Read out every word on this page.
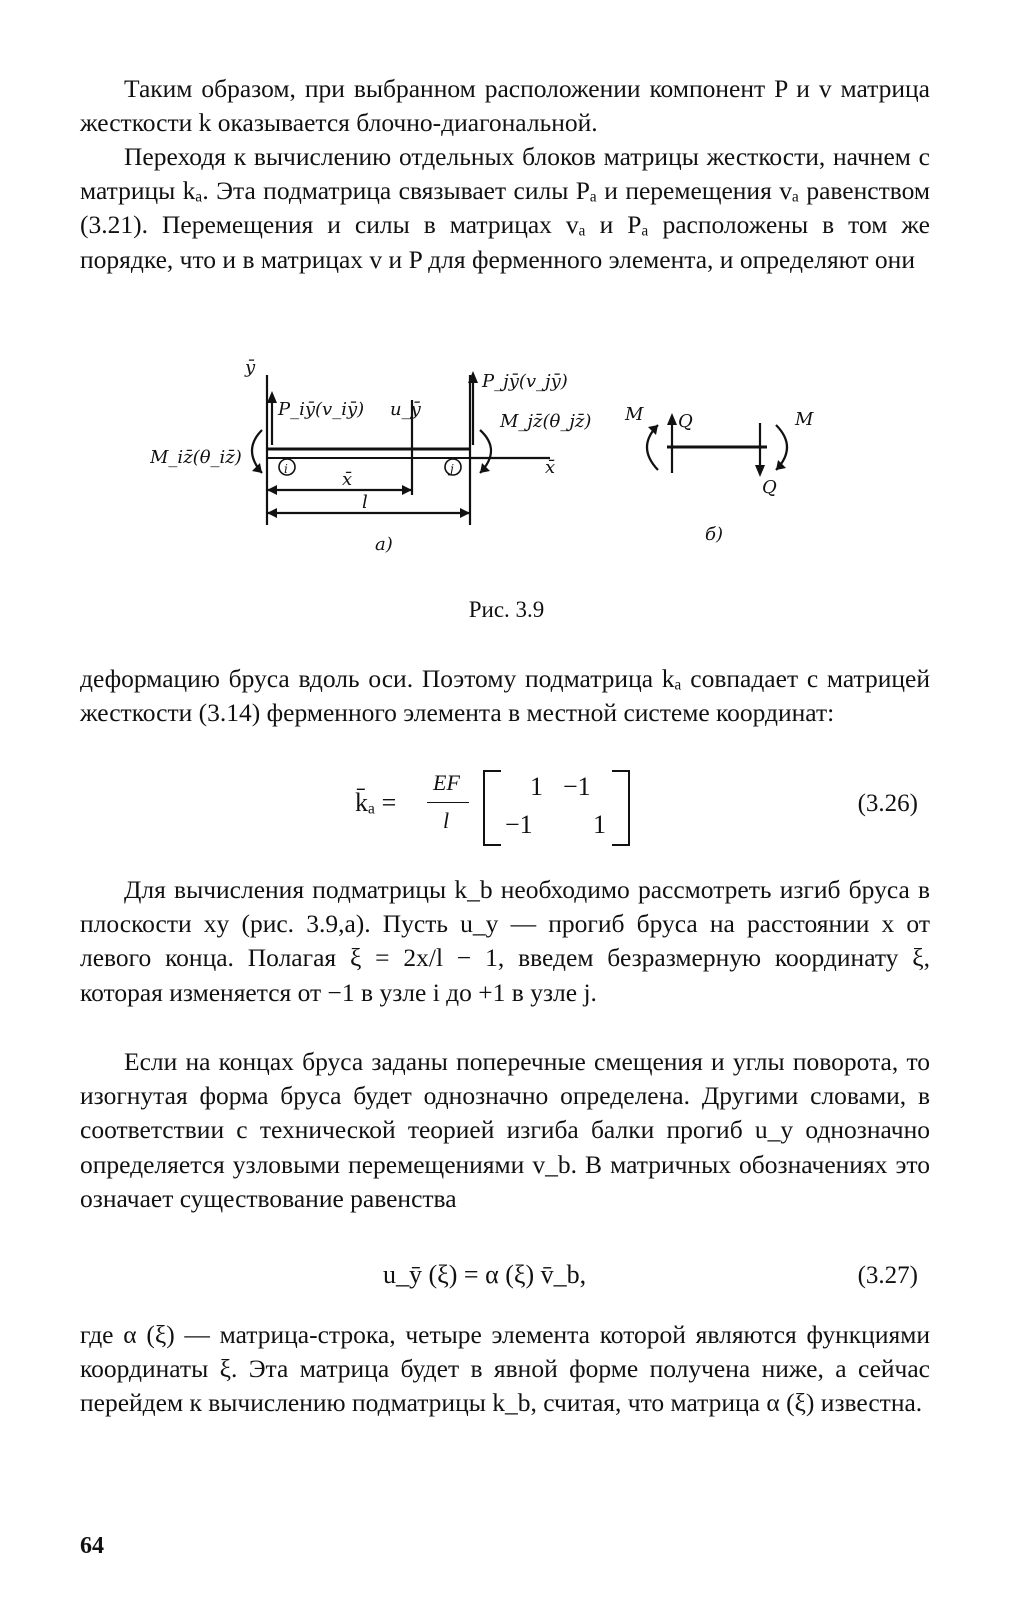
Таким образом, при выбранном расположении компонент P и v матрица жесткости k оказывается блочно-диагональной.

Переходя к вычислению отдельных блоков матрицы жесткости, начнем с матрицы kₐ. Эта подматрица связывает силы Pₐ и перемещения vₐ равенством (3.21). Перемещения и силы в матрицах vₐ и Pₐ расположены в том же порядке, что и в матрицах v и P для ферменного элемента, и определяют они

ȳ
P_iȳ(v_iȳ)
P_jȳ(v_jȳ)
M_iz̄(θ_iz̄)
M_jz̄(θ_jz̄)
u_ȳ
x̄
x̄
l
i	j
а)	б)
M Q	M
Q
Рис. 3.9

деформацию бруса вдоль оси. Поэтому подматрица kₐ совпадает с матрицей жесткости (3.14) ферменного элемента в местной системе координат:

k̄ₐ =
EF
l
1 −1
−1 1
(3.26)

Для вычисления подматрицы k_b необходимо рассмотреть изгиб бруса в плоскости xy (рис. 3.9,а). Пусть u_y — прогиб бруса на расстоянии x от левого конца. Полагая ξ = 2x/l − 1, введем безразмерную координату ξ, которая изменяется от −1 в узле i до +1 в узле j.

Если на концах бруса заданы поперечные смещения и углы поворота, то изогнутая форма бруса будет однозначно определена. Другими словами, в соответствии с технической теорией изгиба балки прогиб u_y однозначно определяется узловыми перемещениями v_b. В матричных обозначениях это означает существование равенства

u_ȳ (ξ) = α (ξ) v̄_b,	(3.27)

где α (ξ) — матрица-строка, четыре элемента которой являются функциями координаты ξ. Эта матрица будет в явной форме получена ниже, а сейчас перейдем к вычислению подматрицы k_b, считая, что матрица α (ξ) известна.

64
